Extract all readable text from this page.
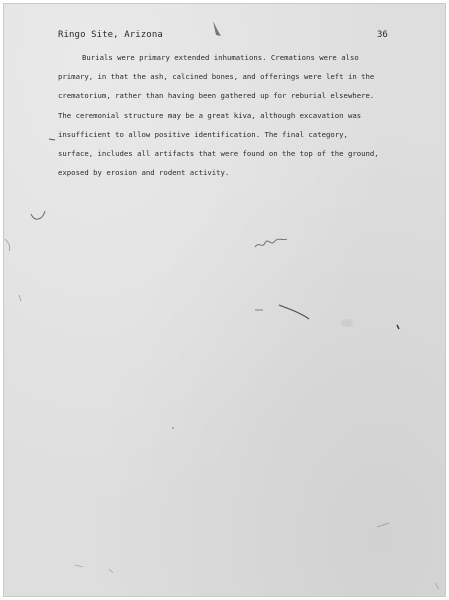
Ringo Site, Arizona	36
Burials were primary extended inhumations. Cremations were also
primary, in that the ash, calcined bones, and offerings were left in the
crematorium, rather than having been gathered up for reburial elsewhere.
The ceremonial structure may be a great kiva, although excavation was
insufficient to allow positive identification. The final category,
surface, includes all artifacts that were found on the top of the ground,
exposed by erosion and rodent activity.
